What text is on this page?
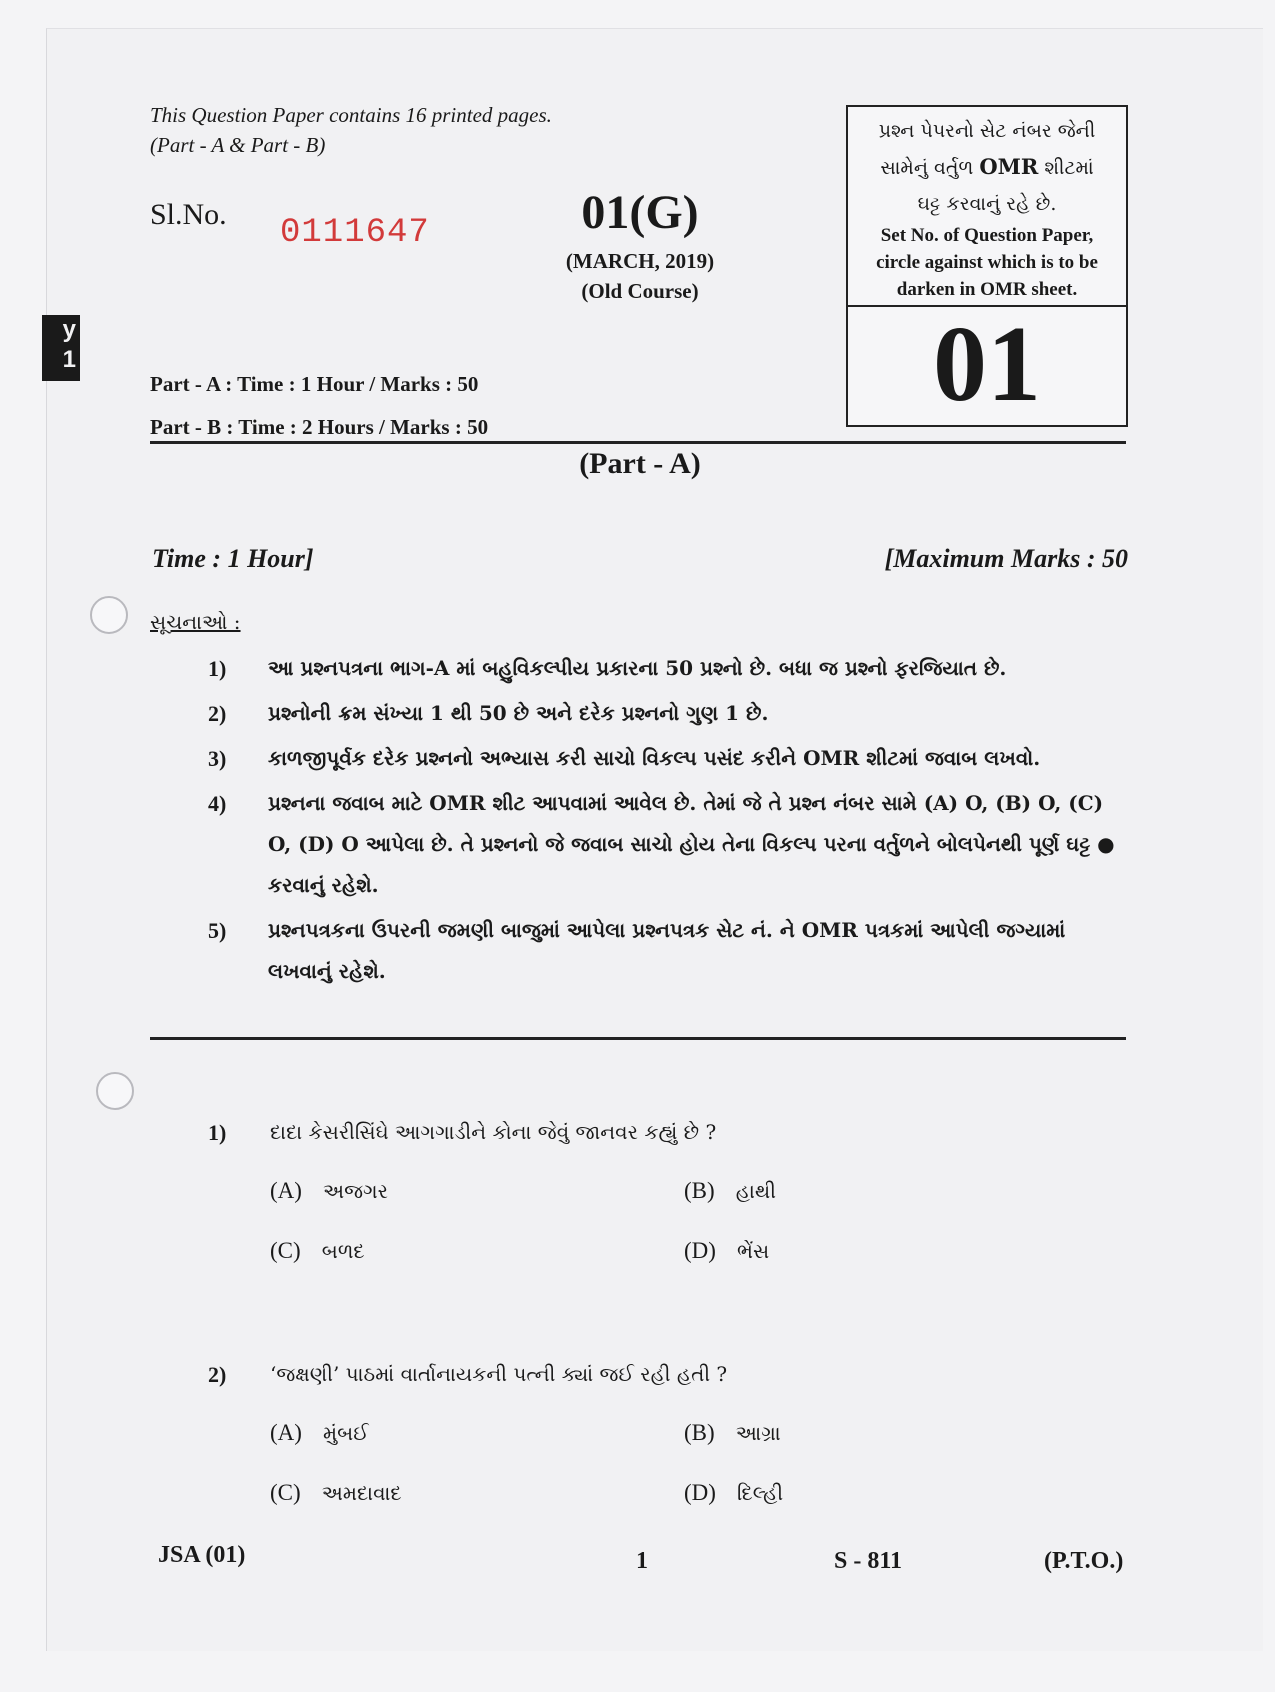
y
1
This Question Paper contains 16 printed pages.
(Part - A & Part - B)
Sl.No. 0111647	01(G)
(MARCH, 2019)
(Old Course)
પ્રશ્ન પેપરનો સેટ નંબર જેની
સામેનું વર્તુળ OMR શીટમાં
ઘટ્ટ કરવાનું રહે છે.
Set No. of Question Paper,
circle against which is to be
darken in OMR sheet.
01
Part - A : Time : 1 Hour / Marks : 50
Part - B : Time : 2 Hours / Marks : 50
(Part - A)
Time : 1 Hour]	[Maximum Marks : 50
સૂચનાઓ :
1)	આ પ્રશ્નપત્રના ભાગ-A માં બહુવિકલ્પીય પ્રકારના 50 પ્રશ્નો છે. બધા જ પ્રશ્નો ફરજિયાત છે.
2)	પ્રશ્નોની ક્રમ સંખ્યા 1 થી 50 છે અને દરેક પ્રશ્નનો ગુણ 1 છે.
3)	કાળજીપૂર્વક દરેક પ્રશ્નનો અભ્યાસ કરી સાચો વિકલ્પ પસંદ કરીને OMR શીટમાં જવાબ લખવો.
4)	પ્રશ્નના જવાબ માટે OMR શીટ આપવામાં આવેલ છે. તેમાં જે તે પ્રશ્ન નંબર સામે (A) O, (B) O, (C) O, (D) O આપેલા છે. તે પ્રશ્નનો જે જવાબ સાચો હોય તેના વિકલ્પ પરના વર્તુળને બોલપેનથી પૂર્ણ ઘટ્ટ ● કરવાનું રહેશે.
5)	પ્રશ્નપત્રકના ઉપરની જમણી બાજુમાં આપેલા પ્રશ્નપત્રક સેટ નં. ને OMR પત્રકમાં આપેલી જગ્યામાં લખવાનું રહેશે.
1) દાદા કેસરીસિંઘે આગગાડીને કોના જેવું જાનવર કહ્યું છે ?
(A) અજગર	(B) હાથી
(C) બળદ	(D) ભેંસ
2) ‘જક્ષણી’ પાઠમાં વાર્તાનાયકની પત્ની ક્યાં જઈ રહી હતી ?
(A) મુંબઈ	(B) આગ્રા
(C) અમદાવાદ	(D) દિલ્હી
JSA (01)	1	S - 811	(P.T.O.)
